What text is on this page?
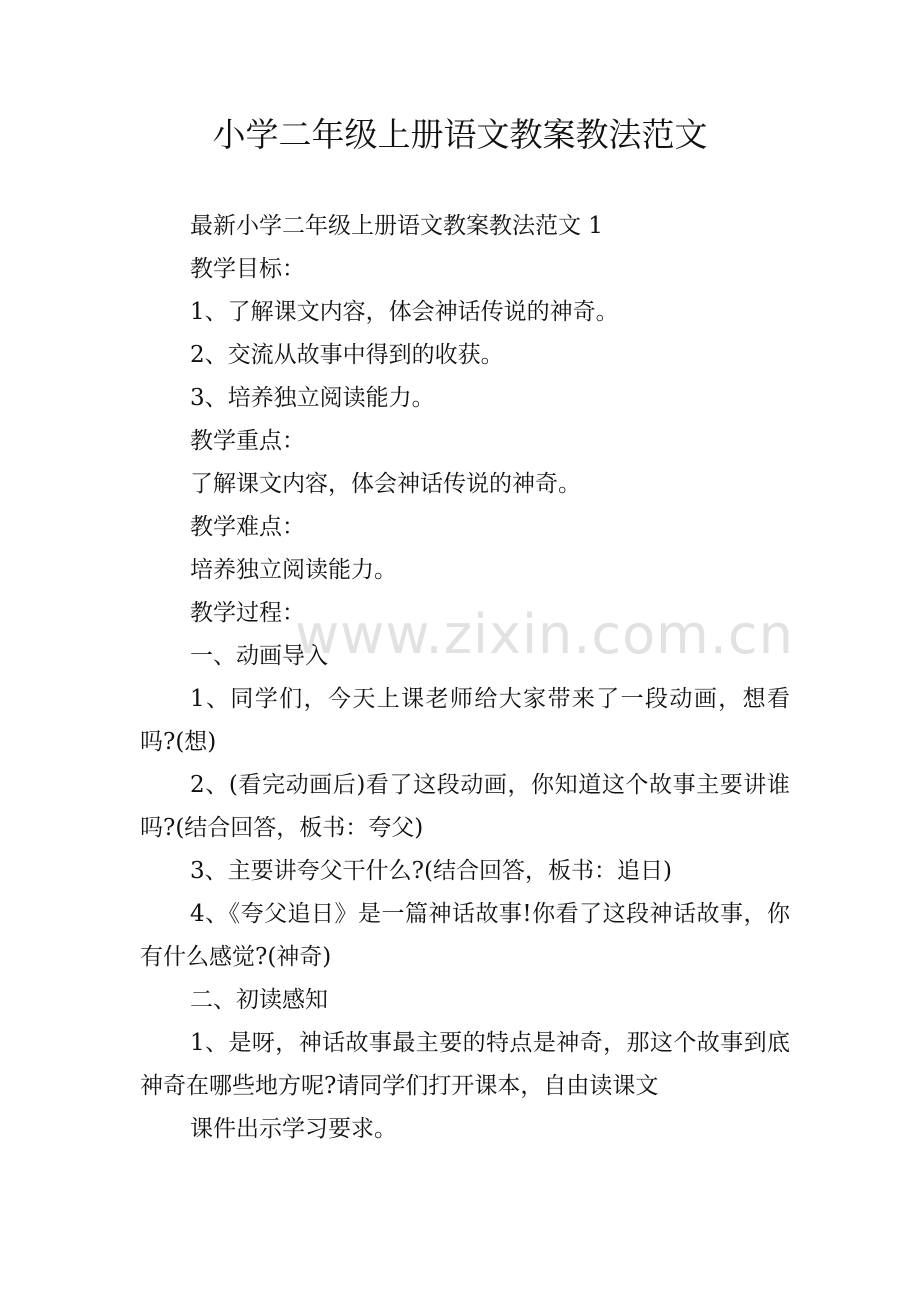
小学二年级上册语文教案教法范文

最新小学二年级上册语文教案教法范文 1

教学目标：

1、了解课文内容，体会神话传说的神奇。

2、交流从故事中得到的收获。

3、培养独立阅读能力。

教学重点：

了解课文内容，体会神话传说的神奇。

教学难点：

培养独立阅读能力。

教学过程：

一、动画导入

1、同学们，今天上课老师给大家带来了一段动画，想看吗?(想)

2、(看完动画后)看了这段动画，你知道这个故事主要讲谁吗?(结合回答，板书：夸父)

3、主要讲夸父干什么?(结合回答，板书：追日)

4、《夸父追日》是一篇神话故事!你看了这段神话故事，你有什么感觉?(神奇)

二、初读感知

1、是呀，神话故事最主要的特点是神奇，那这个故事到底神奇在哪些地方呢?请同学们打开课本，自由读课文

课件出示学习要求。

www.zixin.com.cn
